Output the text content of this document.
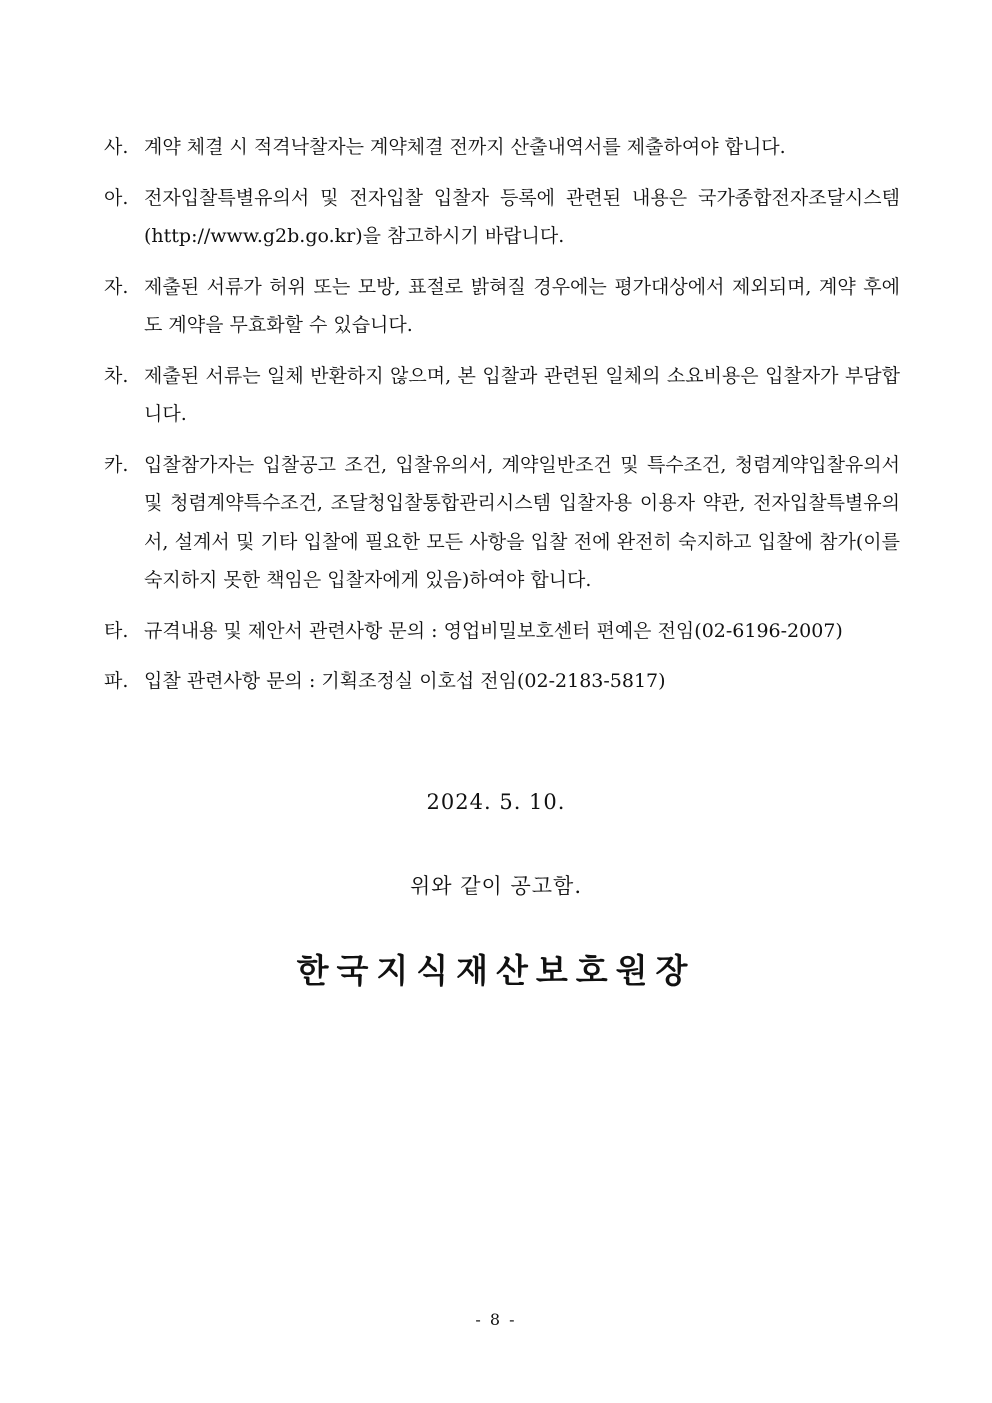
사. 계약 체결 시 적격낙찰자는 계약체결 전까지 산출내역서를 제출하여야 합니다.
아. 전자입찰특별유의서 및 전자입찰 입찰자 등록에 관련된 내용은 국가종합전자조달시스템(http://www.g2b.go.kr)을 참고하시기 바랍니다.
자. 제출된 서류가 허위 또는 모방, 표절로 밝혀질 경우에는 평가대상에서 제외되며, 계약 후에도 계약을 무효화할 수 있습니다.
차. 제출된 서류는 일체 반환하지 않으며, 본 입찰과 관련된 일체의 소요비용은 입찰자가 부담합니다.
카. 입찰참가자는 입찰공고 조건, 입찰유의서, 계약일반조건 및 특수조건, 청렴계약입찰유의서 및 청렴계약특수조건, 조달청입찰통합관리시스템 입찰자용 이용자 약관, 전자입찰특별유의서, 설계서 및 기타 입찰에 필요한 모든 사항을 입찰 전에 완전히 숙지하고 입찰에 참가(이를 숙지하지 못한 책임은 입찰자에게 있음)하여야 합니다.
타. 규격내용 및 제안서 관련사항 문의 : 영업비밀보호센터 편예은 전임(02-6196-2007)
파. 입찰 관련사항 문의 : 기획조정실 이호섭 전임(02-2183-5817)
2024. 5. 10.
위와 같이 공고함.
한국지식재산보호원장
- 8 -
